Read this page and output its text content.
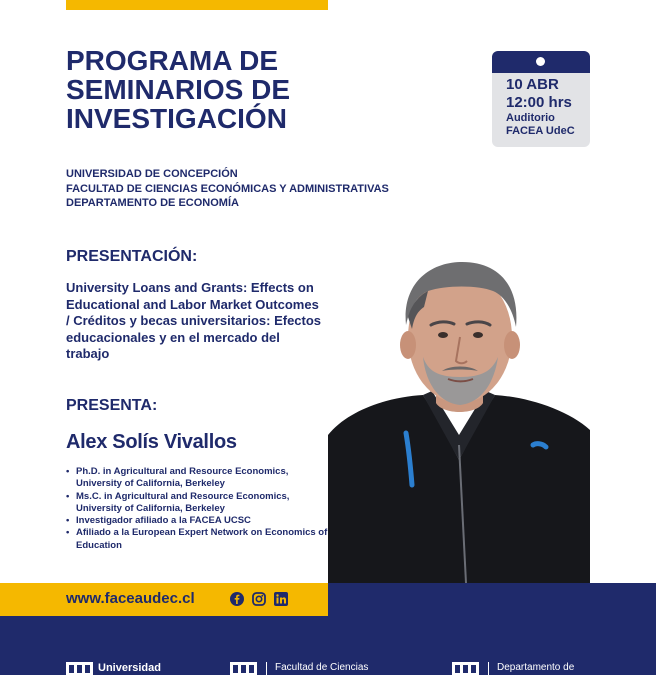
PROGRAMA DE
SEMINARIOS DE
INVESTIGACIÓN
UNIVERSIDAD DE CONCEPCIÓN
FACULTAD DE CIENCIAS ECONÓMICAS Y ADMINISTRATIVAS
DEPARTAMENTO DE ECONOMÍA
10 ABR
12:00 hrs
Auditorio
FACEA UdeC
PRESENTACIÓN:

University Loans and Grants: Effects on Educational and Labor Market Outcomes / Créditos y becas universitarios: Efectos educacionales y en el mercado del trabajo

PRESENTA:
Alex Solís Vivallos
• Ph.D. in Agricultural and Resource Economics, University of California, Berkeley
• Ms.C. in Agricultural and Resource Economics, University of California, Berkeley
• Investigador afiliado a la FACEA UCSC
• Afiliado a la European Expert Network on Economics of Education
www.faceaudec.cl
Universidad	Facultad de Ciencias	Departamento de
